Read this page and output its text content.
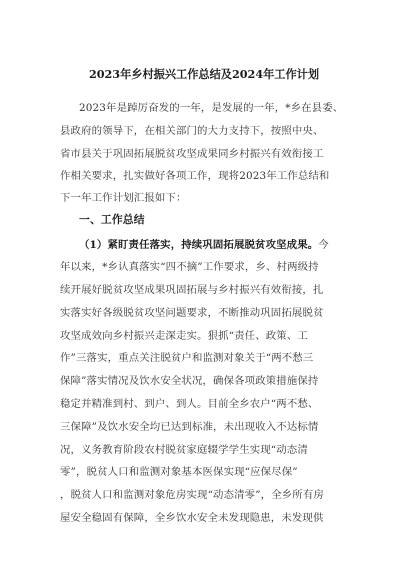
2023年乡村振兴工作总结及2024年工作计划
2023年是踔厉奋发的一年，是发展的一年，*乡在县委、
县政府的领导下，在相关部门的大力支持下，按照中央、
省市县关于巩固拓展脱贫攻坚成果同乡村振兴有效衔接工
作相关要求，扎实做好各项工作，现将2023年工作总结和
下一年工作计划汇报如下：
一、工作总结
（1）紧盯责任落实，持续巩固拓展脱贫攻坚成果。今
年以来，*乡认真落实“四不摘”工作要求，乡、村两级持
续开展好脱贫攻坚成果巩固拓展与乡村振兴有效衔接，扎
实落实好各级脱贫攻坚问题要求，不断推动巩固拓展脱贫
攻坚成效向乡村振兴走深走实。狠抓“责任、政策、工
作”三落实，重点关注脱贫户和监测对象关于“两不愁三
保障”落实情况及饮水安全状况，确保各项政策措施保持
稳定并精准到村、到户、到人。目前全乡农户“两不愁、
三保障”及饮水安全均已达到标准，未出现收入不达标情
况，义务教育阶段农村脱贫家庭辍学学生实现“动态清
零”，脱贫人口和监测对象基本医保实现“应保尽保”
，脱贫人口和监测对象危房实现“动态清零”，全乡所有房
屋安全稳固有保障，全乡饮水安全未发现隐患，未发现供
